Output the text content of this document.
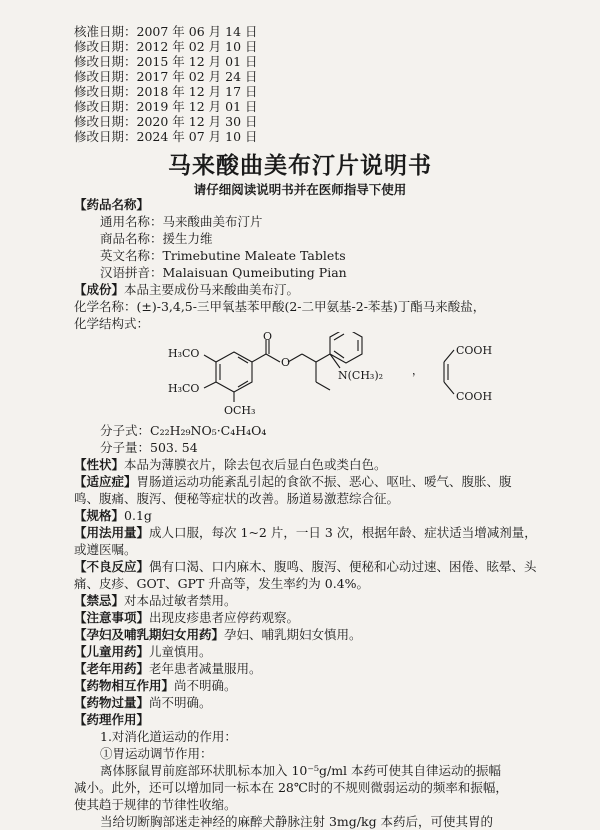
核准日期：2007 年 06 月 14 日
修改日期：2012 年 02 月 10 日
修改日期：2015 年 12 月 01 日
修改日期：2017 年 02 月 24 日
修改日期：2018 年 12 月 17 日
修改日期：2019 年 12 月 01 日
修改日期：2020 年 12 月 30 日
修改日期：2024 年 07 月 10 日
马来酸曲美布汀片说明书
请仔细阅读说明书并在医师指导下使用
【药品名称】
通用名称：马来酸曲美布汀片
商品名称：援生力维
英文名称：Trimebutine Maleate Tablets
汉语拼音：Malaisuan Qumeibuting Pian
【成份】本品主要成份马来酸曲美布汀。
化学名称：(±)-3,4,5-三甲氧基苯甲酸(2-二甲氨基-2-苯基)丁酯马来酸盐，
化学结构式：
H₃CO
H₃CO
OCH₃
O
O
N(CH₃)₂	，
COOH
COOH
分子式：C₂₂H₂₉NO₅·C₄H₄O₄
分子量：503. 54
【性状】本品为薄膜衣片，除去包衣后显白色或类白色。
【适应症】胃肠道运动功能紊乱引起的食欲不振、恶心、呕吐、嗳气、腹胀、腹
鸣、腹痛、腹泻、便秘等症状的改善。肠道易激惹综合征。
【规格】0.1g
【用法用量】成人口服，每次 1~2 片，一日 3 次，根据年龄、症状适当增减剂量，
或遵医嘱。
【不良反应】偶有口渴、口内麻木、腹鸣、腹泻、便秘和心动过速、困倦、眩晕、头
痛、皮疹、GOT、GPT 升高等，发生率约为 0.4%。
【禁忌】对本品过敏者禁用。
【注意事项】出现皮疹患者应停药观察。
【孕妇及哺乳期妇女用药】孕妇、哺乳期妇女慎用。
【儿童用药】儿童慎用。
【老年用药】老年患者减量服用。
【药物相互作用】尚不明确。
【药物过量】尚不明确。
【药理作用】
1.对消化道运动的作用：
①胃运动调节作用：
离体豚鼠胃前庭部环状肌标本加入 10⁻⁵g/ml 本药可使其自律运动的振幅
减小。此外，还可以增加同一标本在 28℃时的不规则微弱运动的频率和振幅，
使其趋于规律的节律性收缩。
当给切断胸部迷走神经的麻醉犬静脉注射 3mg/kg 本药后，可使其胃的
